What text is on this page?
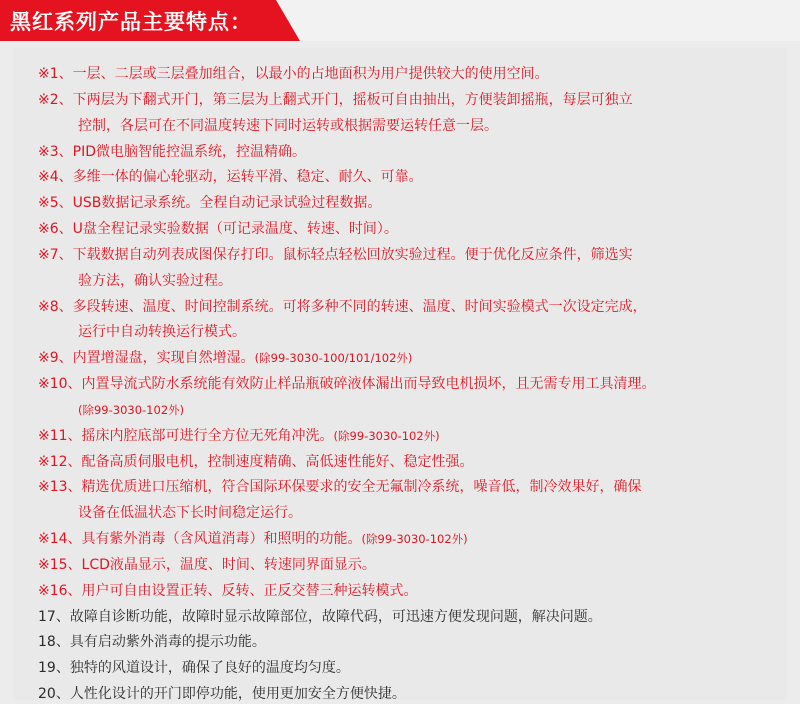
黑红系列产品主要特点：
※1、一层、二层或三层叠加组合，以最小的占地面积为用户提供较大的使用空间。
※2、下两层为下翻式开门，第三层为上翻式开门，摇板可自由抽出，方便装卸摇瓶，每层可独立
控制，各层可在不同温度转速下同时运转或根据需要运转任意一层。
※3、PID微电脑智能控温系统，控温精确。
※4、多维一体的偏心轮驱动，运转平滑、稳定、耐久、可靠。
※5、USB数据记录系统。全程自动记录试验过程数据。
※6、U盘全程记录实验数据（可记录温度、转速、时间）。
※7、下载数据自动列表成图保存打印。鼠标轻点轻松回放实验过程。便于优化反应条件，筛选实
验方法，确认实验过程。
※8、多段转速、温度、时间控制系统。可将多种不同的转速、温度、时间实验模式一次设定完成，
运行中自动转换运行模式。
※9、内置增湿盘，实现自然增湿。(除99-3030-100/101/102外)
※10、内置导流式防水系统能有效防止样品瓶破碎液体漏出而导致电机损坏，且无需专用工具清理。
(除99-3030-102外)
※11、摇床内腔底部可进行全方位无死角冲洗。(除99-3030-102外)
※12、配备高质伺服电机，控制速度精确、高低速性能好、稳定性强。
※13、精选优质进口压缩机，符合国际环保要求的安全无氟制冷系统，噪音低，制冷效果好，确保
设备在低温状态下长时间稳定运行。
※14、具有紫外消毒（含风道消毒）和照明的功能。(除99-3030-102外)
※15、LCD液晶显示，温度、时间、转速同界面显示。
※16、用户可自由设置正转、反转、正反交替三种运转模式。
17、故障自诊断功能，故障时显示故障部位，故障代码，可迅速方便发现问题，解决问题。
18、具有启动紫外消毒的提示功能。
19、独特的风道设计，确保了良好的温度均匀度。
20、人性化设计的开门即停功能，使用更加安全方便快捷。
